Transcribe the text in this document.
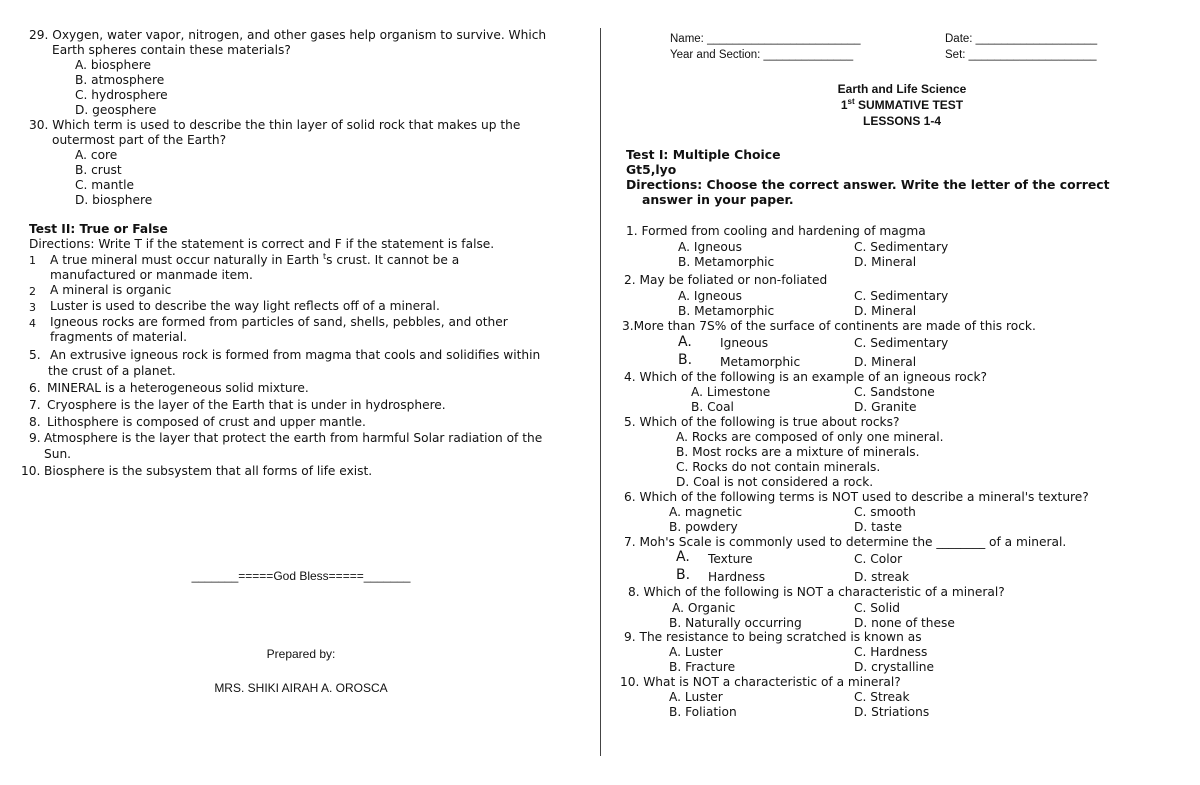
29. Oxygen, water vapor, nitrogen, and other gases help organism to survive. Which
Earth spheres contain these materials?
A. biosphere
B. atmosphere
C. hydrosphere
D. geosphere
30. Which term is used to describe the thin layer of solid rock that makes up the
outermost part of the Earth?
A. core
B. crust
C. mantle
D. biosphere
Test II: True or False
Directions: Write T if the statement is correct and F if the statement is false.
1 A true mineral must occur naturally in Earth $^t$s crust. It cannot be a
manufactured or manmade item.
2 A mineral is organic
3 Luster is used to describe the way light reflects off of a mineral.
4 Igneous rocks are formed from particles of sand, shells, pebbles, and other
fragments of material.
5. An extrusive igneous rock is formed from magma that cools and solidifies within
the crust of a planet.
6. MINERAL is a heterogeneous solid mixture.
7. Cryosphere is the layer of the Earth that is under in hydrosphere.
8. Lithosphere is composed of crust and upper mantle.
9. Atmosphere is the layer that protect the earth from harmful Solar radiation of the
Sun.
10. Biosphere is the subsystem that all forms of life exist.
_______=====God Bless=====_______
Prepared by:
MRS. SHIKI AIRAH A. OROSCA
Name: ________________________	Date: ___________________
Year and Section: ______________	Set: ____________________
Earth and Life Science
1st SUMMATIVE TEST
LESSONS 1-4
Test I: Multiple Choice
Gt5,lyo
Directions: Choose the correct answer. Write the letter of the correct
answer in your paper.
1. Formed from cooling and hardening of magma
A. Igneous	C. Sedimentary
B. Metamorphic	D. Mineral
2. May be foliated or non-foliated
A. Igneous	C. Sedimentary
B. Metamorphic	D. Mineral
3.More than 7S% of the surface of continents are made of this rock.
A. Igneous	C. Sedimentary
B. Metamorphic	D. Mineral
4. Which of the following is an example of an igneous rock?
A. Limestone	C. Sandstone
B. Coal	D. Granite
5. Which of the following is true about rocks?
A. Rocks are composed of only one mineral.
B. Most rocks are a mixture of minerals.
C. Rocks do not contain minerals.
D. Coal is not considered a rock.
6. Which of the following terms is NOT used to describe a mineral's texture?
A. magnetic	C. smooth
B. powdery	D. taste
7. Moh's Scale is commonly used to determine the ________ of a mineral.
A. Texture	C. Color
B. Hardness	D. streak
8. Which of the following is NOT a characteristic of a mineral?
A. Organic	C. Solid
B. Naturally occurring	D. none of these
9. The resistance to being scratched is known as
A. Luster	C. Hardness
B. Fracture	D. crystalline
10. What is NOT a characteristic of a mineral?
A. Luster	C. Streak
B. Foliation	D. Striations
